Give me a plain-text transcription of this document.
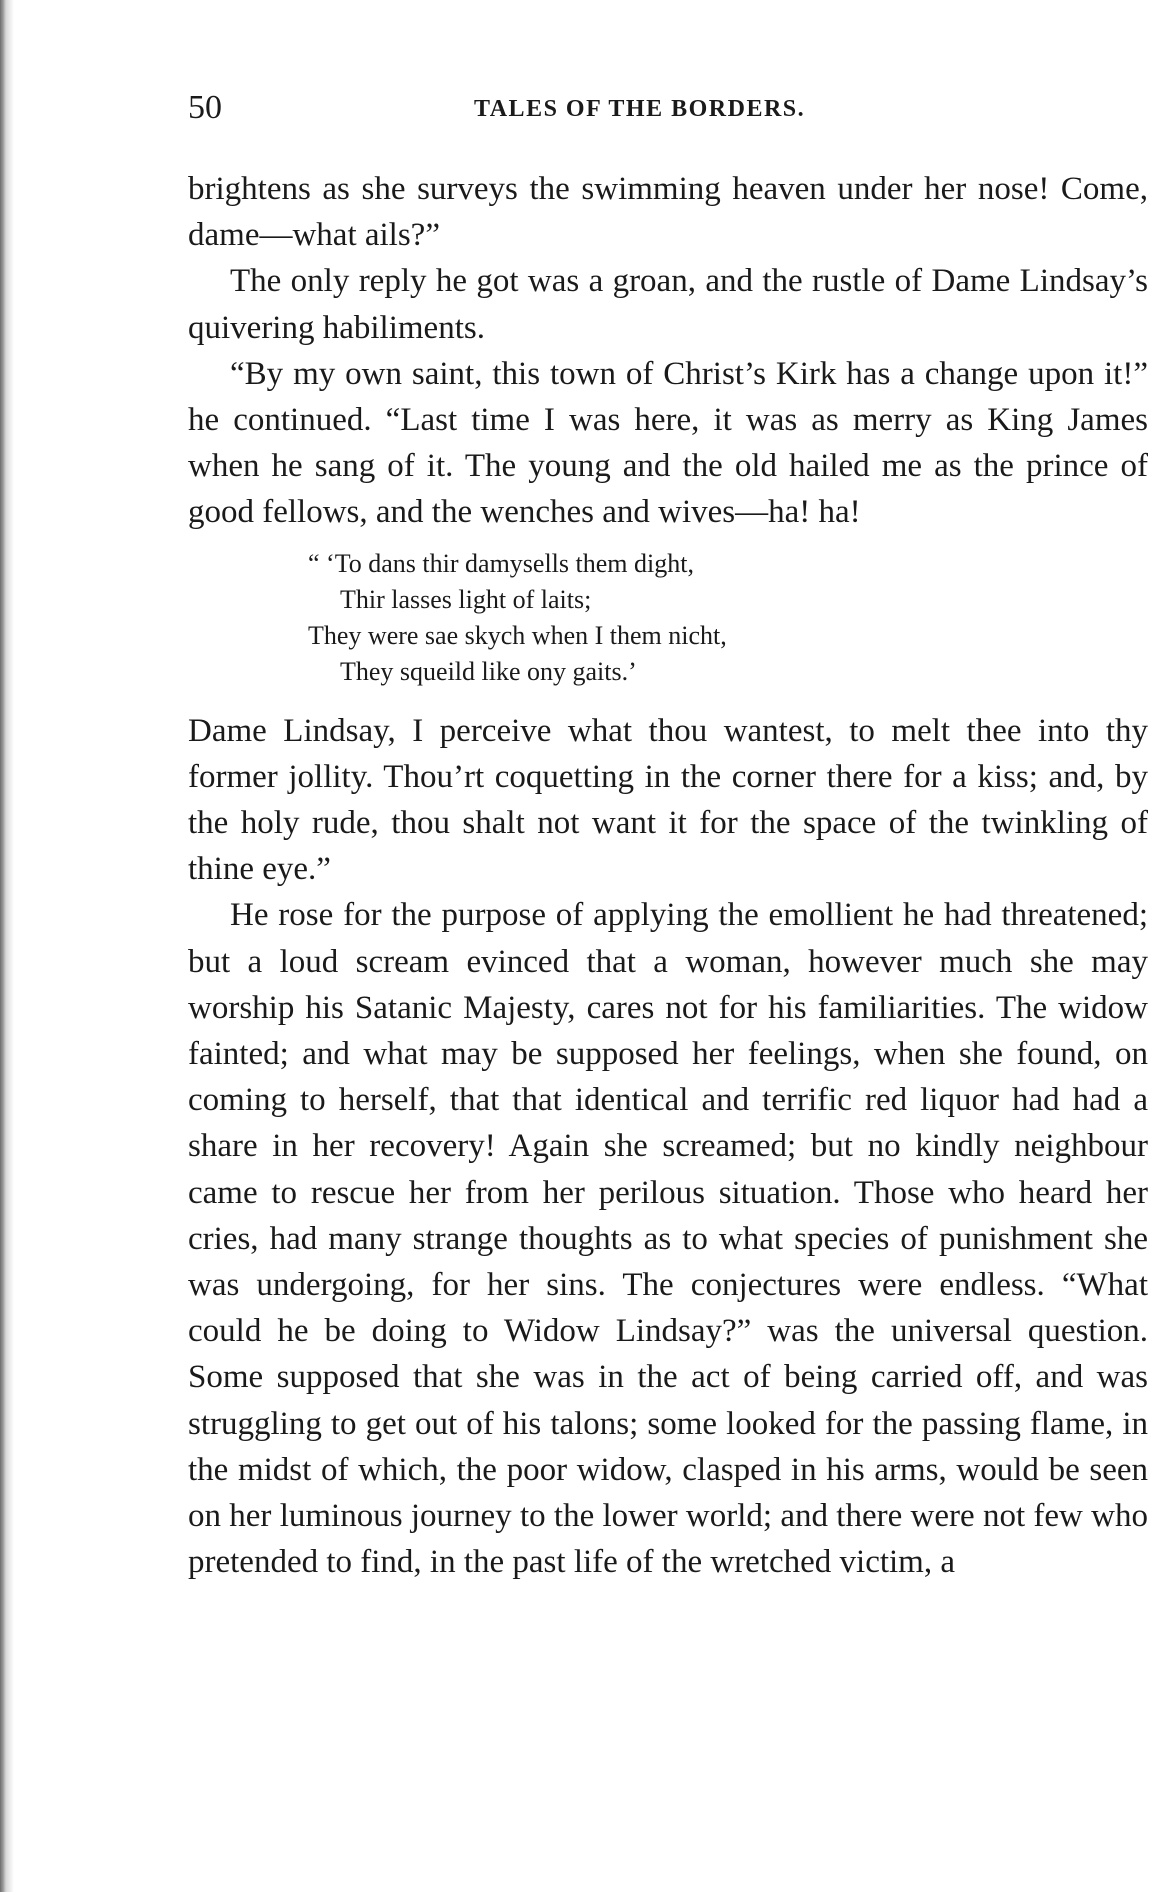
50	TALES OF THE BORDERS.

brightens as she surveys the swimming heaven under her nose! Come, dame—what ails?”

The only reply he got was a groan, and the rustle of Dame Lindsay’s quivering habiliments.

“By my own saint, this town of Christ’s Kirk has a change upon it!” he continued. “Last time I was here, it was as merry as King James when he sang of it. The young and the old hailed me as the prince of good fellows, and the wenches and wives—ha! ha!

“ ‘To dans thir damysells them dight,
Thir lasses light of laits;
They were sae skych when I them nicht,
They squeild like ony gaits.’

Dame Lindsay, I perceive what thou wantest, to melt thee into thy former jollity. Thou’rt coquetting in the corner there for a kiss; and, by the holy rude, thou shalt not want it for the space of the twinkling of thine eye.”

He rose for the purpose of applying the emollient he had threatened; but a loud scream evinced that a woman, however much she may worship his Satanic Majesty, cares not for his familiarities. The widow fainted; and what may be supposed her feelings, when she found, on coming to herself, that that identical and terrific red liquor had had a share in her recovery! Again she screamed; but no kindly neighbour came to rescue her from her perilous situation. Those who heard her cries, had many strange thoughts as to what species of punishment she was undergoing, for her sins. The conjectures were endless. “What could he be doing to Widow Lindsay?” was the universal question. Some supposed that she was in the act of being carried off, and was struggling to get out of his talons; some looked for the passing flame, in the midst of which, the poor widow, clasped in his arms, would be seen on her luminous journey to the lower world; and there were not few who pretended to find, in the past life of the wretched victim, a
